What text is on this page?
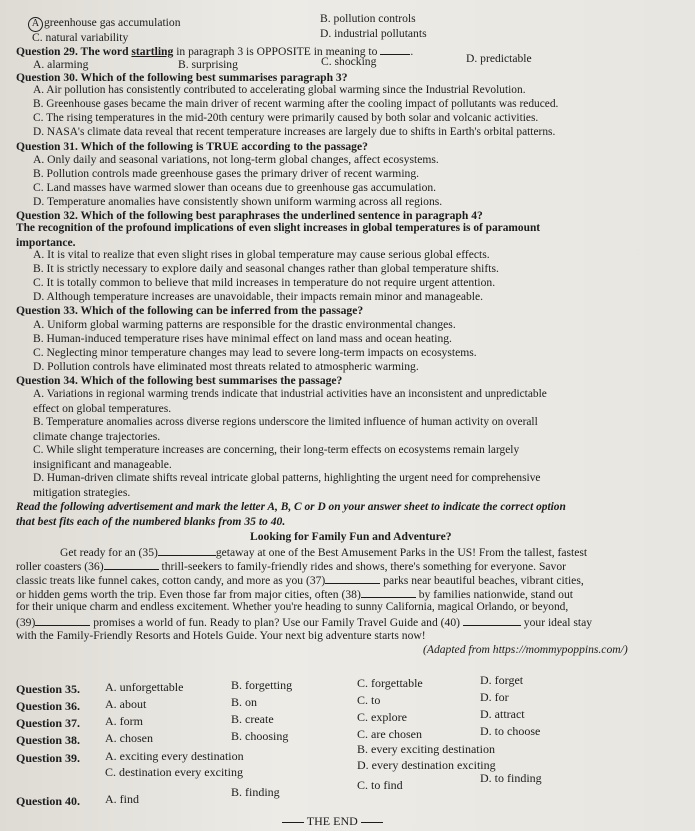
A greenhouse gas accumulation	B. pollution controls
C. natural variability	D. industrial pollutants
Question 29. The word startling in paragraph 3 is OPPOSITE in meaning to	.
A. alarming	B. surprising	C. shocking	D. predictable
Question 30. Which of the following best summarises paragraph 3?
A. Air pollution has consistently contributed to accelerating global warming since the Industrial Revolution.
B. Greenhouse gases became the main driver of recent warming after the cooling impact of pollutants was reduced.
C. The rising temperatures in the mid-20th century were primarily caused by both solar and volcanic activities.
D. NASA's climate data reveal that recent temperature increases are largely due to shifts in Earth's orbital patterns.
Question 31. Which of the following is TRUE according to the passage?
A. Only daily and seasonal variations, not long-term global changes, affect ecosystems.
B. Pollution controls made greenhouse gases the primary driver of recent warming.
C. Land masses have warmed slower than oceans due to greenhouse gas accumulation.
D. Temperature anomalies have consistently shown uniform warming across all regions.
Question 32. Which of the following best paraphrases the underlined sentence in paragraph 4?
The recognition of the profound implications of even slight increases in global temperatures is of paramount
importance.
A. It is vital to realize that even slight rises in global temperature may cause serious global effects.
B. It is strictly necessary to explore daily and seasonal changes rather than global temperature shifts.
C. It is totally common to believe that mild increases in temperature do not require urgent attention.
D. Although temperature increases are unavoidable, their impacts remain minor and manageable.
Question 33. Which of the following can be inferred from the passage?
A. Uniform global warming patterns are responsible for the drastic environmental changes.
B. Human-induced temperature rises have minimal effect on land mass and ocean heating.
C. Neglecting minor temperature changes may lead to severe long-term impacts on ecosystems.
D. Pollution controls have eliminated most threats related to atmospheric warming.
Question 34. Which of the following best summarises the passage?
A. Variations in regional warming trends indicate that industrial activities have an inconsistent and unpredictable
effect on global temperatures.
B. Temperature anomalies across diverse regions underscore the limited influence of human activity on overall
climate change trajectories.
C. While slight temperature increases are concerning, their long-term effects on ecosystems remain largely
insignificant and manageable.
D. Human-driven climate shifts reveal intricate global patterns, highlighting the urgent need for comprehensive
mitigation strategies.
Read the following advertisement and mark the letter A, B, C or D on your answer sheet to indicate the correct option
that best fits each of the numbered blanks from 35 to 40.
Looking for Family Fun and Adventure?
Get ready for an (35)	getaway at one of the Best Amusement Parks in the US! From the tallest, fastest
roller coasters (36)	thrill-seekers to family-friendly rides and shows, there's something for everyone. Savor
classic treats like funnel cakes, cotton candy, and more as you (37)	parks near beautiful beaches, vibrant cities,
or hidden gems worth the trip. Even those far from major cities, often (38)	by families nationwide, stand out
for their unique charm and endless excitement. Whether you're heading to sunny California, magical Orlando, or beyond,
(39)	promises a world of fun. Ready to plan? Use our Family Travel Guide and (40)	your ideal stay
with the Family-Friendly Resorts and Hotels Guide. Your next big adventure starts now!
(Adapted from https://mommypoppins.com/)
Question 35. A. unforgettable	B. forgetting	C. forgettable	D. forget
Question 36. A. about	B. on	C. to	D. for
Question 37. A. form	B. create	C. explore	D. attract
Question 38. A. chosen	B. choosing	C. are chosen	D. to choose
Question 39. A. exciting every destination	B. every exciting destination
C. destination every exciting	D. every destination exciting
Question 40. A. find	B. finding	C. to find	D. to finding
THE END
